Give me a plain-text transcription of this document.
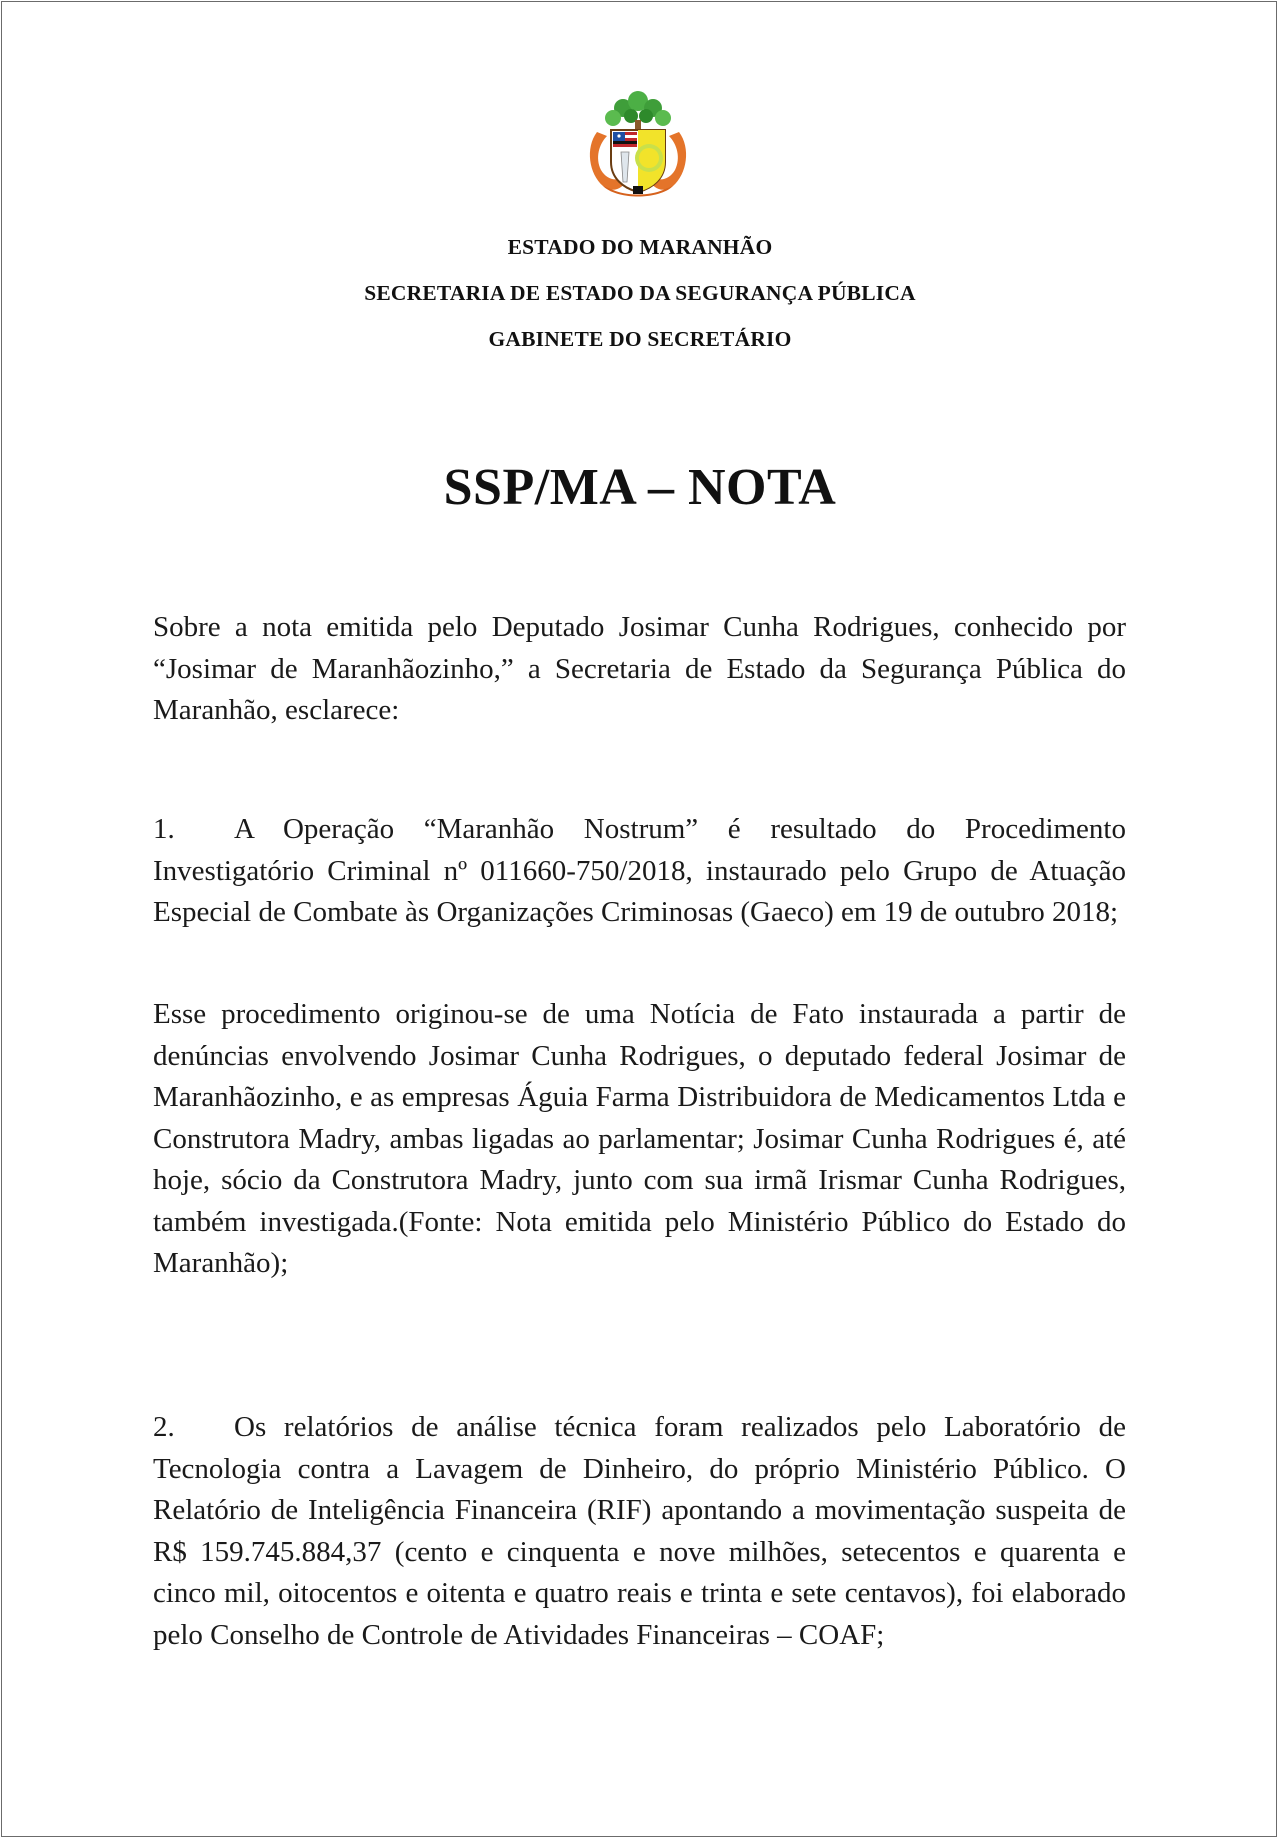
ESTADO DO MARANHÃO
SECRETARIA DE ESTADO DA SEGURANÇA PÚBLICA
GABINETE DO SECRETÁRIO
SSP/MA – NOTA
Sobre a nota emitida pelo Deputado Josimar Cunha Rodrigues, conhecido por “Josimar de Maranhãozinho,” a Secretaria de Estado da Segurança Pública do Maranhão, esclarece:
1. A Operação “Maranhão Nostrum” é resultado do Procedimento Investigatório Criminal nº 011660-750/2018, instaurado pelo Grupo de Atuação Especial de Combate às Organizações Criminosas (Gaeco) em 19 de outubro 2018;
Esse procedimento originou-se de uma Notícia de Fato instaurada a partir de denúncias envolvendo Josimar Cunha Rodrigues, o deputado federal Josimar de Maranhãozinho, e as empresas Águia Farma Distribuidora de Medicamentos Ltda e Construtora Madry, ambas ligadas ao parlamentar; Josimar Cunha Rodrigues é, até hoje, sócio da Construtora Madry, junto com sua irmã Irismar Cunha Rodrigues, também investigada.(Fonte: Nota emitida pelo Ministério Público do Estado do Maranhão);
2. Os relatórios de análise técnica foram realizados pelo Laboratório de Tecnologia contra a Lavagem de Dinheiro, do próprio Ministério Público. O Relatório de Inteligência Financeira (RIF) apontando a movimentação suspeita de R$ 159.745.884,37 (cento e cinquenta e nove milhões, setecentos e quarenta e cinco mil, oitocentos e oitenta e quatro reais e trinta e sete centavos), foi elaborado pelo Conselho de Controle de Atividades Financeiras – COAF;
